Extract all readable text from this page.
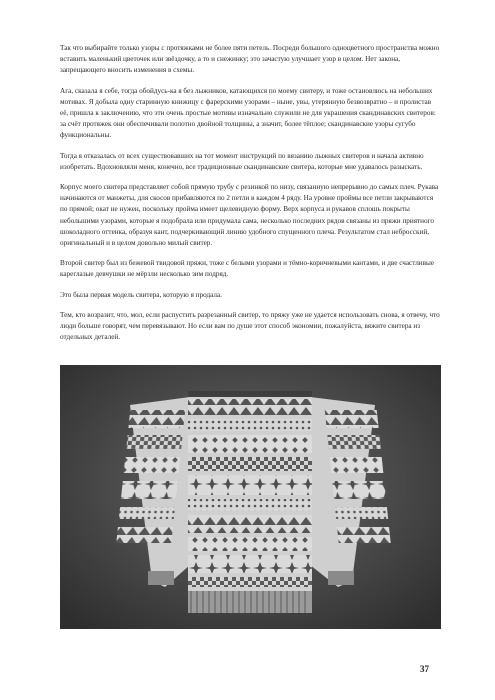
Так что выбирайте только узоры с протяжками не более пяти петель. Посреди большого одноцветного пространства можно вставить маленький цветочек или звёздочку, а то и снежинку; это зачастую улучшает узор в целом. Нет закона, запрещающего вносить изменения в схемы.

Ага, сказала я себе, тогда обойдусь-ка я без лыжников, катающихся по моему свитеру, и тоже остановлюсь на небольших мотивах. Я добыла одну старинную книжицу с фарерскими узорами – ныне, увы, утерянную безвозвратно – и пролистав её, пришла к заключению, что эти очень простые мотивы изначально служили не для украшения скандинавских свитеров: за счёт протяжек они обеспечивали полотно двойной толщины, а значит, более тёплое; скандинавские узоры сугубо функциональны.

Тогда я отказалась от всех существовавших на тот момент инструкций по вязанию лыжных свитеров и начала активно изобретать. Вдохновляли меня, конечно, все традиционные скандинавские свитера, которые мне удавалось разыскать.

Корпус моего свитера представляет собой прямую трубу с резинкой по низу, связанную непрерывно до самых плеч. Рукава начинаются от манжеты, для скосов прибавляются по 2 петли в каждом 4 ряду. На уровне проймы все петли закрываются по прямой; окат не нужен, поскольку пройма имеет щелевидную форму. Верх корпуса и рукавов сплошь покрыты небольшими узорами, которые я подобрала или придумала сама, несколько последних рядов связаны из пряжи приятного шоколадного оттенка, образуя кант, подчеркивающий линию удобного спущенного плеча. Результатом стал небросский, оригинальный и в целом довольно милый свитер.

Второй свитер был из бежевой твидовой пряжи, тоже с белыми узорами и тёмно-коричневыми кантами, и две счастливые кареглазые девчушки не мёрзли несколько зим подряд.

Это была первая модель свитера, которую я продала.

Тем, кто возразит, что, мол, если распустить разрезанный свитер, то пряжу уже не удается использовать снова, я отвечу, что люди больше говорят, чем перевязывают. Но если вам по душе этот способ экономии, пожалуйста, вяжите свитера из отдельных деталей.

37
